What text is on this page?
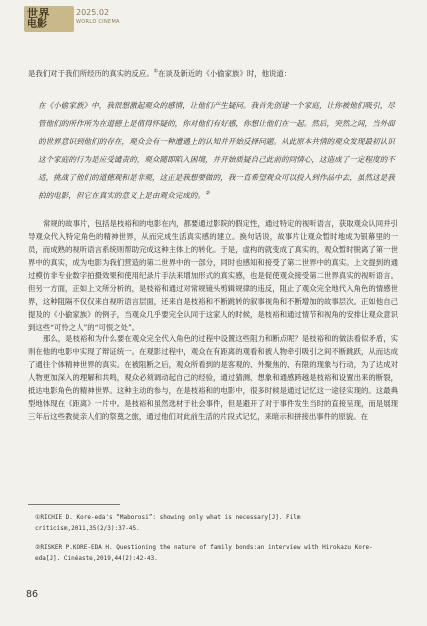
世界
电影
2025.02
WORLD CINEMA
是我们对于我们所经历的真实的反应。①在谈及新近的《小偷家族》时，他说道：
在《小偷家族》中，我很想激起观众的感情，让他们产生疑问。我首先创建一个家庭，让你被他们吸引，尽管他们的所作所为在道德上是值得怀疑的，你对他们有好感，你想让他们在一起。然后，突然之间，当外面的世界意识到他们的存在，观众会有一种遭遇上的认知并开始反择问题。从此原本共情的观众发现最初认识这个家庭的行为是应受谴责的，观众随即陷入困境，并开始质疑自己此前的同情心，这造成了一定程度的不适，挑战了他们的道德观和是非观，这正是我想要做的，我一直希望观众可以投入到作品中去，虽然这是我拍的电影，但它在真实的意义上是由观众完成的。②
常规的故事片，包括是枝裕和的电影在内，都要通过影院的假定性，通过特定的视听语言，获取观众认同并引导观众代入特定角色的精神世界，从而完成生活真实感的建立。换句话说，故事片让观众暂时地成为银幕里的一员，而成熟的视听语言系统则帮助完成这种主体上的转化。于是，虚构的就变成了真实的，观众暂时脱离了第一世界中的真实，成为电影为我们营造的第二世界中的一部分，同时也感知和接受了第二世界中的真实。上文提到的通过模仿非专业数字拍摄效果和使用纪录片手法来增加形式的真实感，也是促使观众接受第二世界真实的视听语言。但另一方面，正如上文所分析的，是枝裕和通过对常规镜头剪辑规律的违反，阻止了观众完全地代入角色的情感世界，这种阻隔不仅仅来自视听语言层面，还来自是枝裕和不断跳转的叙事视角和不断增加的故事层次。正如他自己提及的《小偷家族》的例子，当观众几乎要完全认同于这家人的时候，是枝裕和通过情节和视角的安排让观众意识到这些“可怜之人”的“可恨之处”。
那么，是枝裕和为什么要在观众完全代入角色的过程中设置这些阻力和断点呢？是枝裕和的做法看似矛盾，实则在他的电影中实现了辩证统一。在观影过程中，观众在有距离的观看和被人物牵引吸引之间不断跳跃，从而达成了通往个体精神世界的真实。在被阻断之后，观众所看到的是客观的、外聚焦的、有限的现象与行动，为了达成对人物更加深入的理解和共鸣，观众必须调动起自己的经验，通过猜测、想象和通感跨越是枝裕和设置出来的断裂，抵达电影角色的精神世界。这种主动的参与，在是枝裕和的电影中，很多时候是通过记忆这一途径实现的。这最典型地体现在《距离》一片中。是枝裕和虽然选材于社会事件，但是避开了对于事件发生当时的直接呈现，而是展现三年后这些教徒亲人们的祭奠之旅，通过他们对此前生活的片段式记忆，来暗示和拼接出事件的原貌。在
①RICHIE D. Kore-eda's “Maborosi”: showing only what is necessary[J]. Film criticism,2011,35(2/3):37-45.
②RISKER P.KORE-EDA H. Questioning the nature of family bonds:an interview with Hirokazu Kore-eda[J]. Cinéaste,2019,44(2):42-43.
86
